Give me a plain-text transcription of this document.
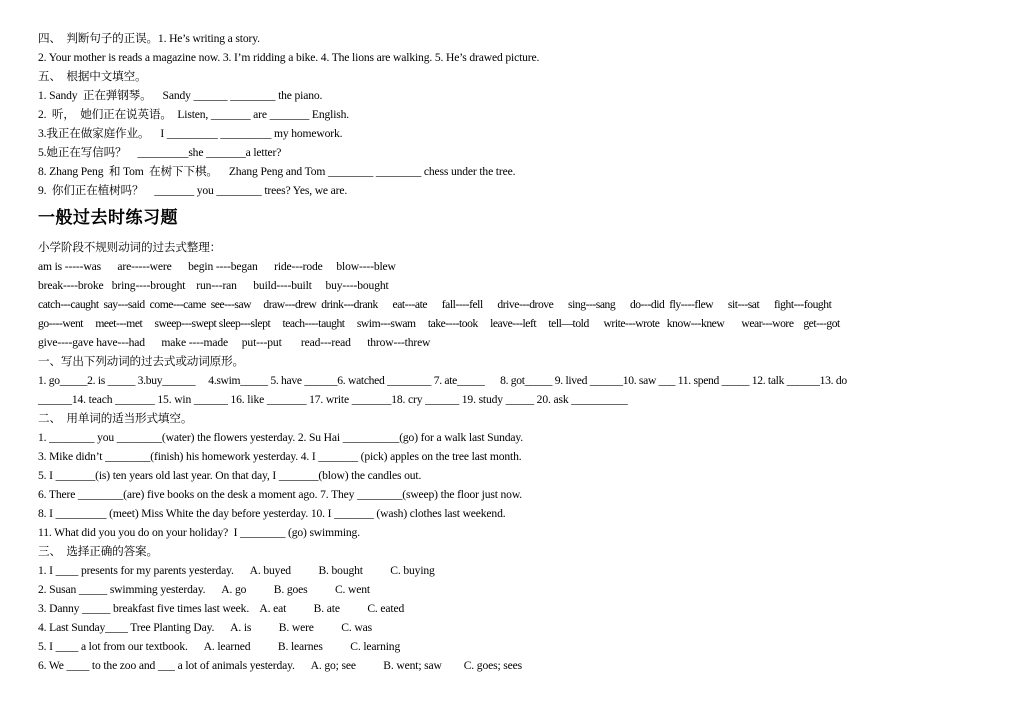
四、  判断句子的正误。1. He’s writing a story.
2. Your mother is reads a magazine now. 3. I’m ridding a bike. 4. The lions are walking. 5. He’s drawed picture.
五、  根据中文填空。
1. Sandy  正在弹钢琴。    Sandy ______ ________ the piano.
2.  听，  她们正在说英语。  Listen, _______ are _______ English.
3.我正在做家庭作业。    I _________ _________ my homework.
5.她正在写信吗？    _________she _______a letter?
8. Zhang Peng  和 Tom  在树下下棋。    Zhang Peng and Tom ________ ________ chess under the tree.
9.  你们正在植树吗？    _______ you ________ trees? Yes, we are.
一般过去时练习题
小学阶段不规则动词的过去式整理：
am is -----was      are-----were      begin ----began      ride---rode     blow----blew
break----broke   bring----brought    run---ran      build----built     buy----bought
catch---caught  say---said  come---came  see---saw     draw---drew  drink---drank      eat---ate      fall----fell      drive---drove      sing---sang      do---did  fly----flew      sit---sat      fight---fought
go----went     meet---met     sweep---swept sleep---slept     teach----taught     swim---swam     take----took     leave---left     tell—told      write---wrote   know---knew       wear---wore    get---got
give----gave have---had      make ----made     put---put       read---read      throw---threw
一、写出下列动词的过去式或动词原形。
1. go_____2. is _____ 3.buy______     4.swim_____ 5. have ______6. watched ________ 7. ate_____      8. got_____ 9. lived ______10. saw ___ 11. spend _____ 12. talk ______13. do
______14. teach _______ 15. win ______ 16. like _______ 17. write _______18. cry ______ 19. study _____ 20. ask __________
二、  用单词的适当形式填空。
1. ________ you ________(water) the flowers yesterday. 2. Su Hai __________(go) for a walk last Sunday.
3. Mike didn’t ________(finish) his homework yesterday. 4. I _______ (pick) apples on the tree last month.
5. I _______(is) ten years old last year. On that day, I _______(blow) the candles out.
6. There ________(are) five books on the desk a moment ago. 7. They ________(sweep) the floor just now.
8. I _________ (meet) Miss White the day before yesterday. 10. I _______ (wash) clothes last weekend.
11. What did you you do on your holiday?  I ________ (go) swimming.
三、  选择正确的答案。
1. I ____ presents for my parents yesterday.      A. buyed          B. bought          C. buying
2. Susan _____ swimming yesterday.      A. go          B. goes          C. went
3. Danny _____ breakfast five times last week.    A. eat          B. ate          C. eated
4. Last Sunday____ Tree Planting Day.      A. is          B. were          C. was
5. I ____ a lot from our textbook.      A. learned          B. learnes          C. learning
6. We ____ to the zoo and ___ a lot of animals yesterday.      A. go; see          B. went; saw        C. goes; sees
